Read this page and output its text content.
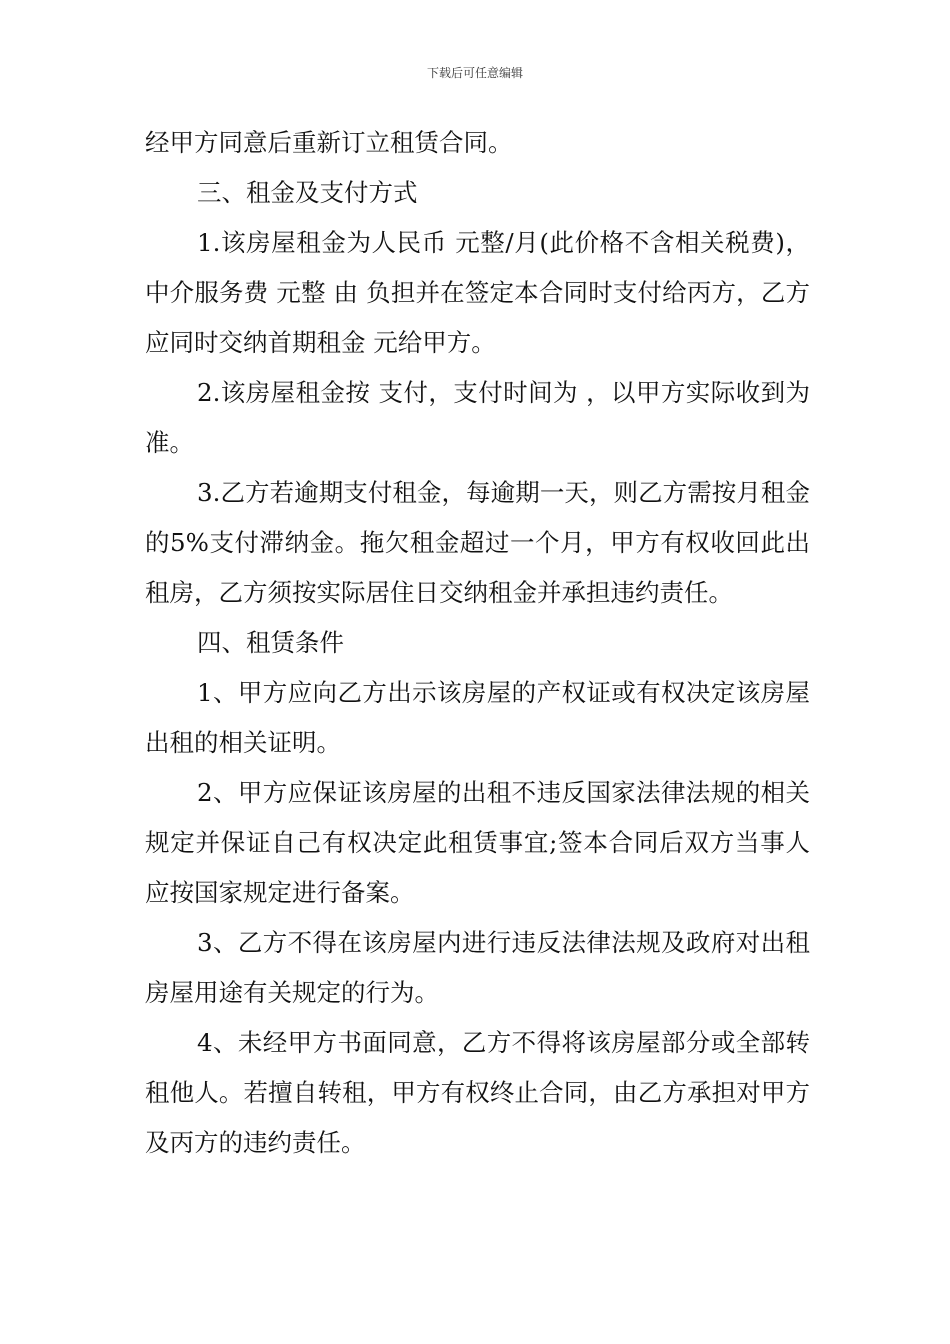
下载后可任意编辑

经甲方同意后重新订立租赁合同。

三、租金及支付方式

1.该房屋租金为人民币 元整/月(此价格不含相关税费)，中介服务费 元整 由 负担并在签定本合同时支付给丙方，乙方应同时交纳首期租金 元给甲方。

2.该房屋租金按 支付，支付时间为 ，以甲方实际收到为准。

3.乙方若逾期支付租金，每逾期一天，则乙方需按月租金的5%支付滞纳金。拖欠租金超过一个月，甲方有权收回此出租房，乙方须按实际居住日交纳租金并承担违约责任。

四、租赁条件

1、甲方应向乙方出示该房屋的产权证或有权决定该房屋出租的相关证明。

2、甲方应保证该房屋的出租不违反国家法律法规的相关规定并保证自己有权决定此租赁事宜;签本合同后双方当事人应按国家规定进行备案。

3、乙方不得在该房屋内进行违反法律法规及政府对出租房屋用途有关规定的行为。

4、未经甲方书面同意，乙方不得将该房屋部分或全部转租他人。若擅自转租，甲方有权终止合同，由乙方承担对甲方及丙方的违约责任。
